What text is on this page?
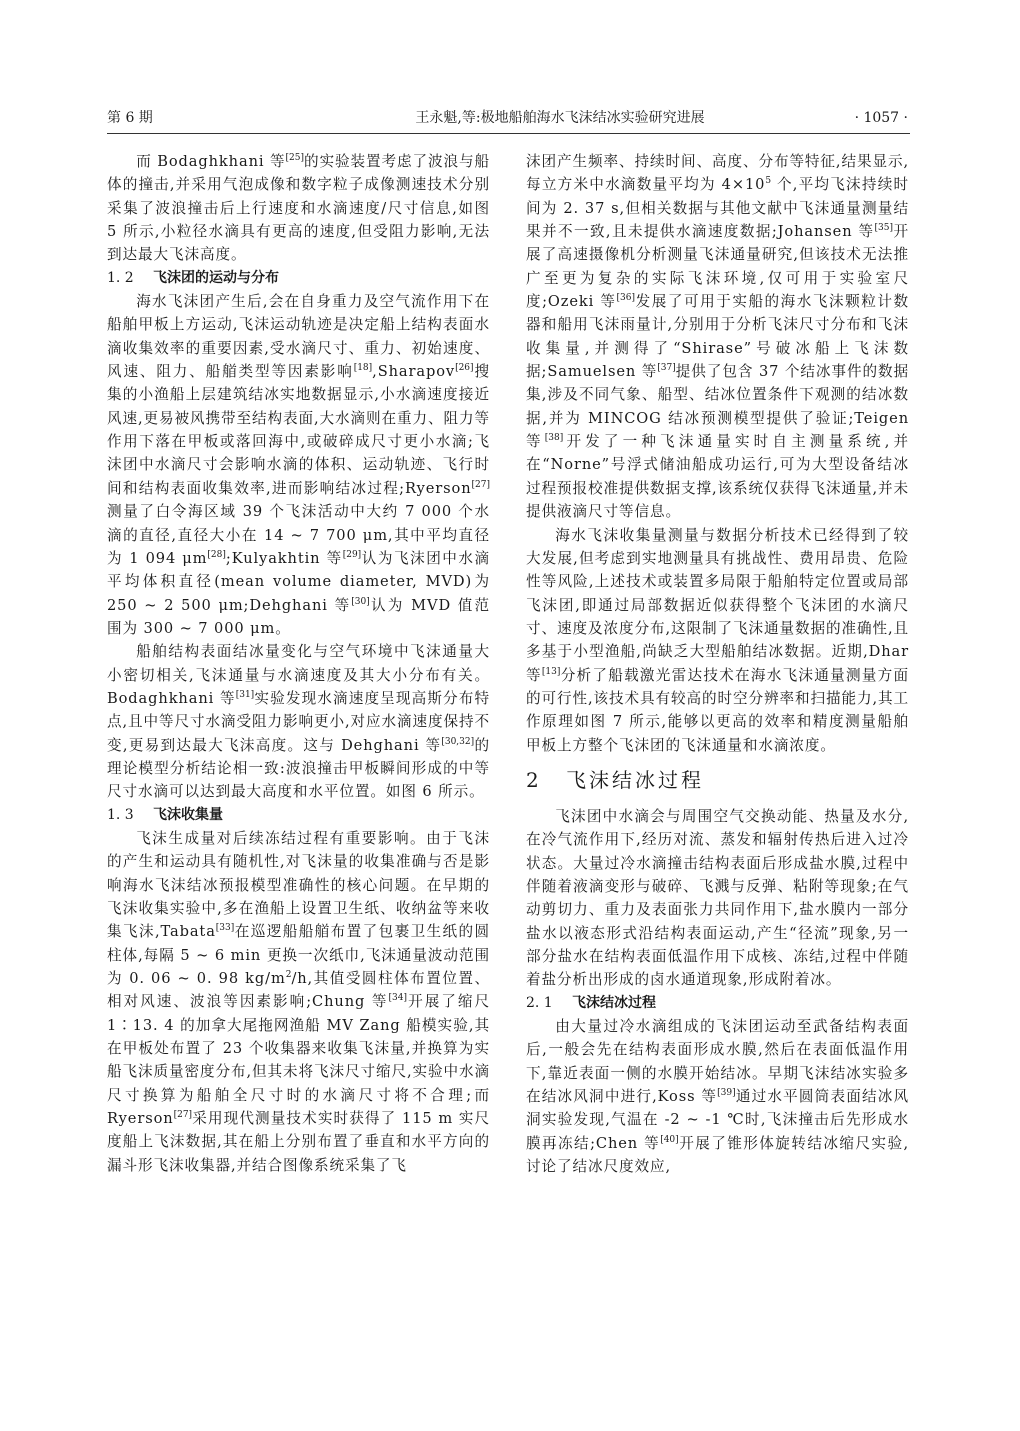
第 6 期	王永魁,等:极地船舶海水飞沫结冰实验研究进展	· 1057 ·

而 Bodaghkhani 等[25]的实验装置考虑了波浪与船体的撞击,并采用气泡成像和数字粒子成像测速技术分别采集了波浪撞击后上行速度和水滴速度/尺寸信息,如图 5 所示,小粒径水滴具有更高的速度,但受阻力影响,无法到达最大飞沫高度。

1. 2 飞沫团的运动与分布

海水飞沫团产生后,会在自身重力及空气流作用下在船舶甲板上方运动,飞沫运动轨迹是决定船上结构表面水滴收集效率的重要因素,受水滴尺寸、重力、初始速度、风速、阻力、船艏类型等因素影响[18],Sharapov[26]搜集的小渔船上层建筑结冰实地数据显示,小水滴速度接近风速,更易被风携带至结构表面,大水滴则在重力、阻力等作用下落在甲板或落回海中,或破碎成尺寸更小水滴;飞沫团中水滴尺寸会影响水滴的体积、运动轨迹、飞行时间和结构表面收集效率,进而影响结冰过程;Ryerson[27]测量了白令海区域 39 个飞沫活动中大约 7 000 个水滴的直径,直径大小在 14 ~ 7 700 μm,其中平均直径为 1 094 μm[28];Kulyakhtin 等[29]认为飞沫团中水滴平均体积直径(mean volume diameter, MVD)为 250 ~ 2 500 μm;Dehghani 等[30]认为 MVD 值范围为 300 ~ 7 000 μm。

船舶结构表面结冰量变化与空气环境中飞沫通量大小密切相关,飞沫通量与水滴速度及其大小分布有关。Bodaghkhani 等[31]实验发现水滴速度呈现高斯分布特点,且中等尺寸水滴受阻力影响更小,对应水滴速度保持不变,更易到达最大飞沫高度。这与 Dehghani 等[30,32]的理论模型分析结论相一致:波浪撞击甲板瞬间形成的中等尺寸水滴可以达到最大高度和水平位置。如图 6 所示。

1. 3 飞沫收集量

飞沫生成量对后续冻结过程有重要影响。由于飞沫的产生和运动具有随机性,对飞沫量的收集准确与否是影响海水飞沫结冰预报模型准确性的核心问题。在早期的飞沫收集实验中,多在渔船上设置卫生纸、收纳盆等来收集飞沫,Tabata[33]在巡逻船船艏布置了包裹卫生纸的圆柱体,每隔 5 ~ 6 min 更换一次纸巾,飞沫通量波动范围为 0. 06 ~ 0. 98 $kg/m^2/h$,其值受圆柱体布置位置、相对风速、波浪等因素影响;Chung 等[34]开展了缩尺 1∶13. 4 的加拿大尾拖网渔船 MV Zang 船模实验,其在甲板处布置了 23 个收集器来收集飞沫量,并换算为实船飞沫质量密度分布,但其未将飞沫尺寸缩尺,实验中水滴尺寸换算为船舶全尺寸时的水滴尺寸将不合理;而 Ryerson[27]采用现代测量技术实时获得了 115 m 实尺度船上飞沫数据,其在船上分别布置了垂直和水平方向的漏斗形飞沫收集器,并结合图像系统采集了飞

沫团产生频率、持续时间、高度、分布等特征,结果显示,每立方米中水滴数量平均为 $4\times 10^5$ 个,平均飞沫持续时间为 2. 37 s,但相关数据与其他文献中飞沫通量测量结果并不一致,且未提供水滴速度数据;Johansen 等[35]开展了高速摄像机分析测量飞沫通量研究,但该技术无法推广至更为复杂的实际飞沫环境,仅可用于实验室尺度;Ozeki 等[36]发展了可用于实船的海水飞沫颗粒计数器和船用飞沫雨量计,分别用于分析飞沫尺寸分布和飞沫收集量,并测得了“Shirase”号破冰船上飞沫数据;Samuelsen 等[37]提供了包含 37 个结冰事件的数据集,涉及不同气象、船型、结冰位置条件下观测的结冰数据,并为 MINCOG 结冰预测模型提供了验证;Teigen 等[38]开发了一种飞沫通量实时自主测量系统,并在“Norne”号浮式储油船成功运行,可为大型设备结冰过程预报校准提供数据支撑,该系统仅获得飞沫通量,并未提供液滴尺寸等信息。

海水飞沫收集量测量与数据分析技术已经得到了较大发展,但考虑到实地测量具有挑战性、费用昂贵、危险性等风险,上述技术或装置多局限于船舶特定位置或局部飞沫团,即通过局部数据近似获得整个飞沫团的水滴尺寸、速度及浓度分布,这限制了飞沫通量数据的准确性,且多基于小型渔船,尚缺乏大型船舶结冰数据。近期,Dhar 等[13]分析了船载激光雷达技术在海水飞沫通量测量方面的可行性,该技术具有较高的时空分辨率和扫描能力,其工作原理如图 7 所示,能够以更高的效率和精度测量船舶甲板上方整个飞沫团的飞沫通量和水滴浓度。

2 飞沫结冰过程

飞沫团中水滴会与周围空气交换动能、热量及水分,在冷气流作用下,经历对流、蒸发和辐射传热后进入过冷状态。大量过冷水滴撞击结构表面后形成盐水膜,过程中伴随着液滴变形与破碎、飞溅与反弹、粘附等现象;在气动剪切力、重力及表面张力共同作用下,盐水膜内一部分盐水以液态形式沿结构表面运动,产生“径流”现象,另一部分盐水在结构表面低温作用下成核、冻结,过程中伴随着盐分析出形成的卤水通道现象,形成附着冰。

2. 1 飞沫结冰过程

由大量过冷水滴组成的飞沫团运动至武备结构表面后,一般会先在结构表面形成水膜,然后在表面低温作用下,靠近表面一侧的水膜开始结冰。早期飞沫结冰实验多在结冰风洞中进行,Koss 等[39]通过水平圆筒表面结冰风洞实验发现,气温在 -2 ~ -1 ℃时,飞沫撞击后先形成水膜再冻结;Chen 等[40]开展了锥形体旋转结冰缩尺实验,讨论了结冰尺度效应,
